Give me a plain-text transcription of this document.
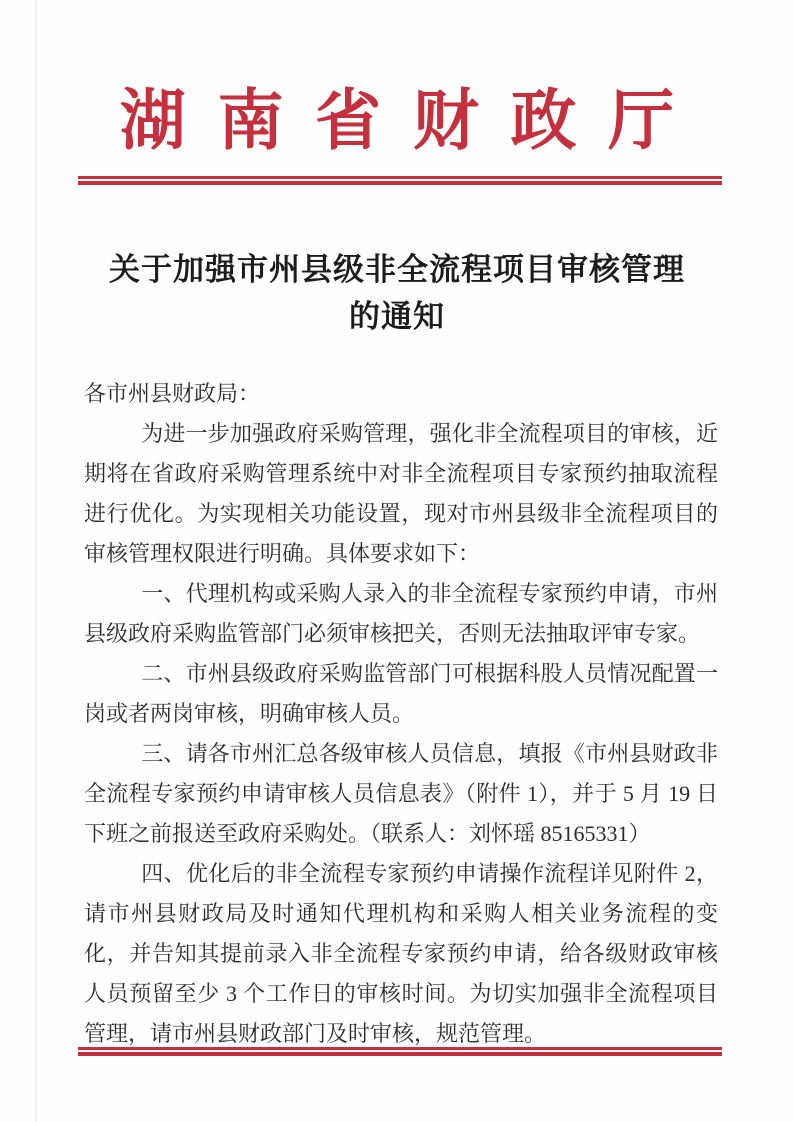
湖南省财政厅
关于加强市州县级非全流程项目审核管理
的通知

各市州县财政局：

为进一步加强政府采购管理，强化非全流程项目的审核，近期将在省政府采购管理系统中对非全流程项目专家预约抽取流程进行优化。为实现相关功能设置，现对市州县级非全流程项目的审核管理权限进行明确。具体要求如下：

一、代理机构或采购人录入的非全流程专家预约申请，市州县级政府采购监管部门必须审核把关，否则无法抽取评审专家。

二、市州县级政府采购监管部门可根据科股人员情况配置一岗或者两岗审核，明确审核人员。

三、请各市州汇总各级审核人员信息，填报《市州县财政非全流程专家预约申请审核人员信息表》（附件 1），并于 5 月 19 日下班之前报送至政府采购处。（联系人：刘怀瑶 85165331）

四、优化后的非全流程专家预约申请操作流程详见附件 2，请市州县财政局及时通知代理机构和采购人相关业务流程的变化，并告知其提前录入非全流程专家预约申请，给各级财政审核人员预留至少 3 个工作日的审核时间。为切实加强非全流程项目管理，请市州县财政部门及时审核，规范管理。
